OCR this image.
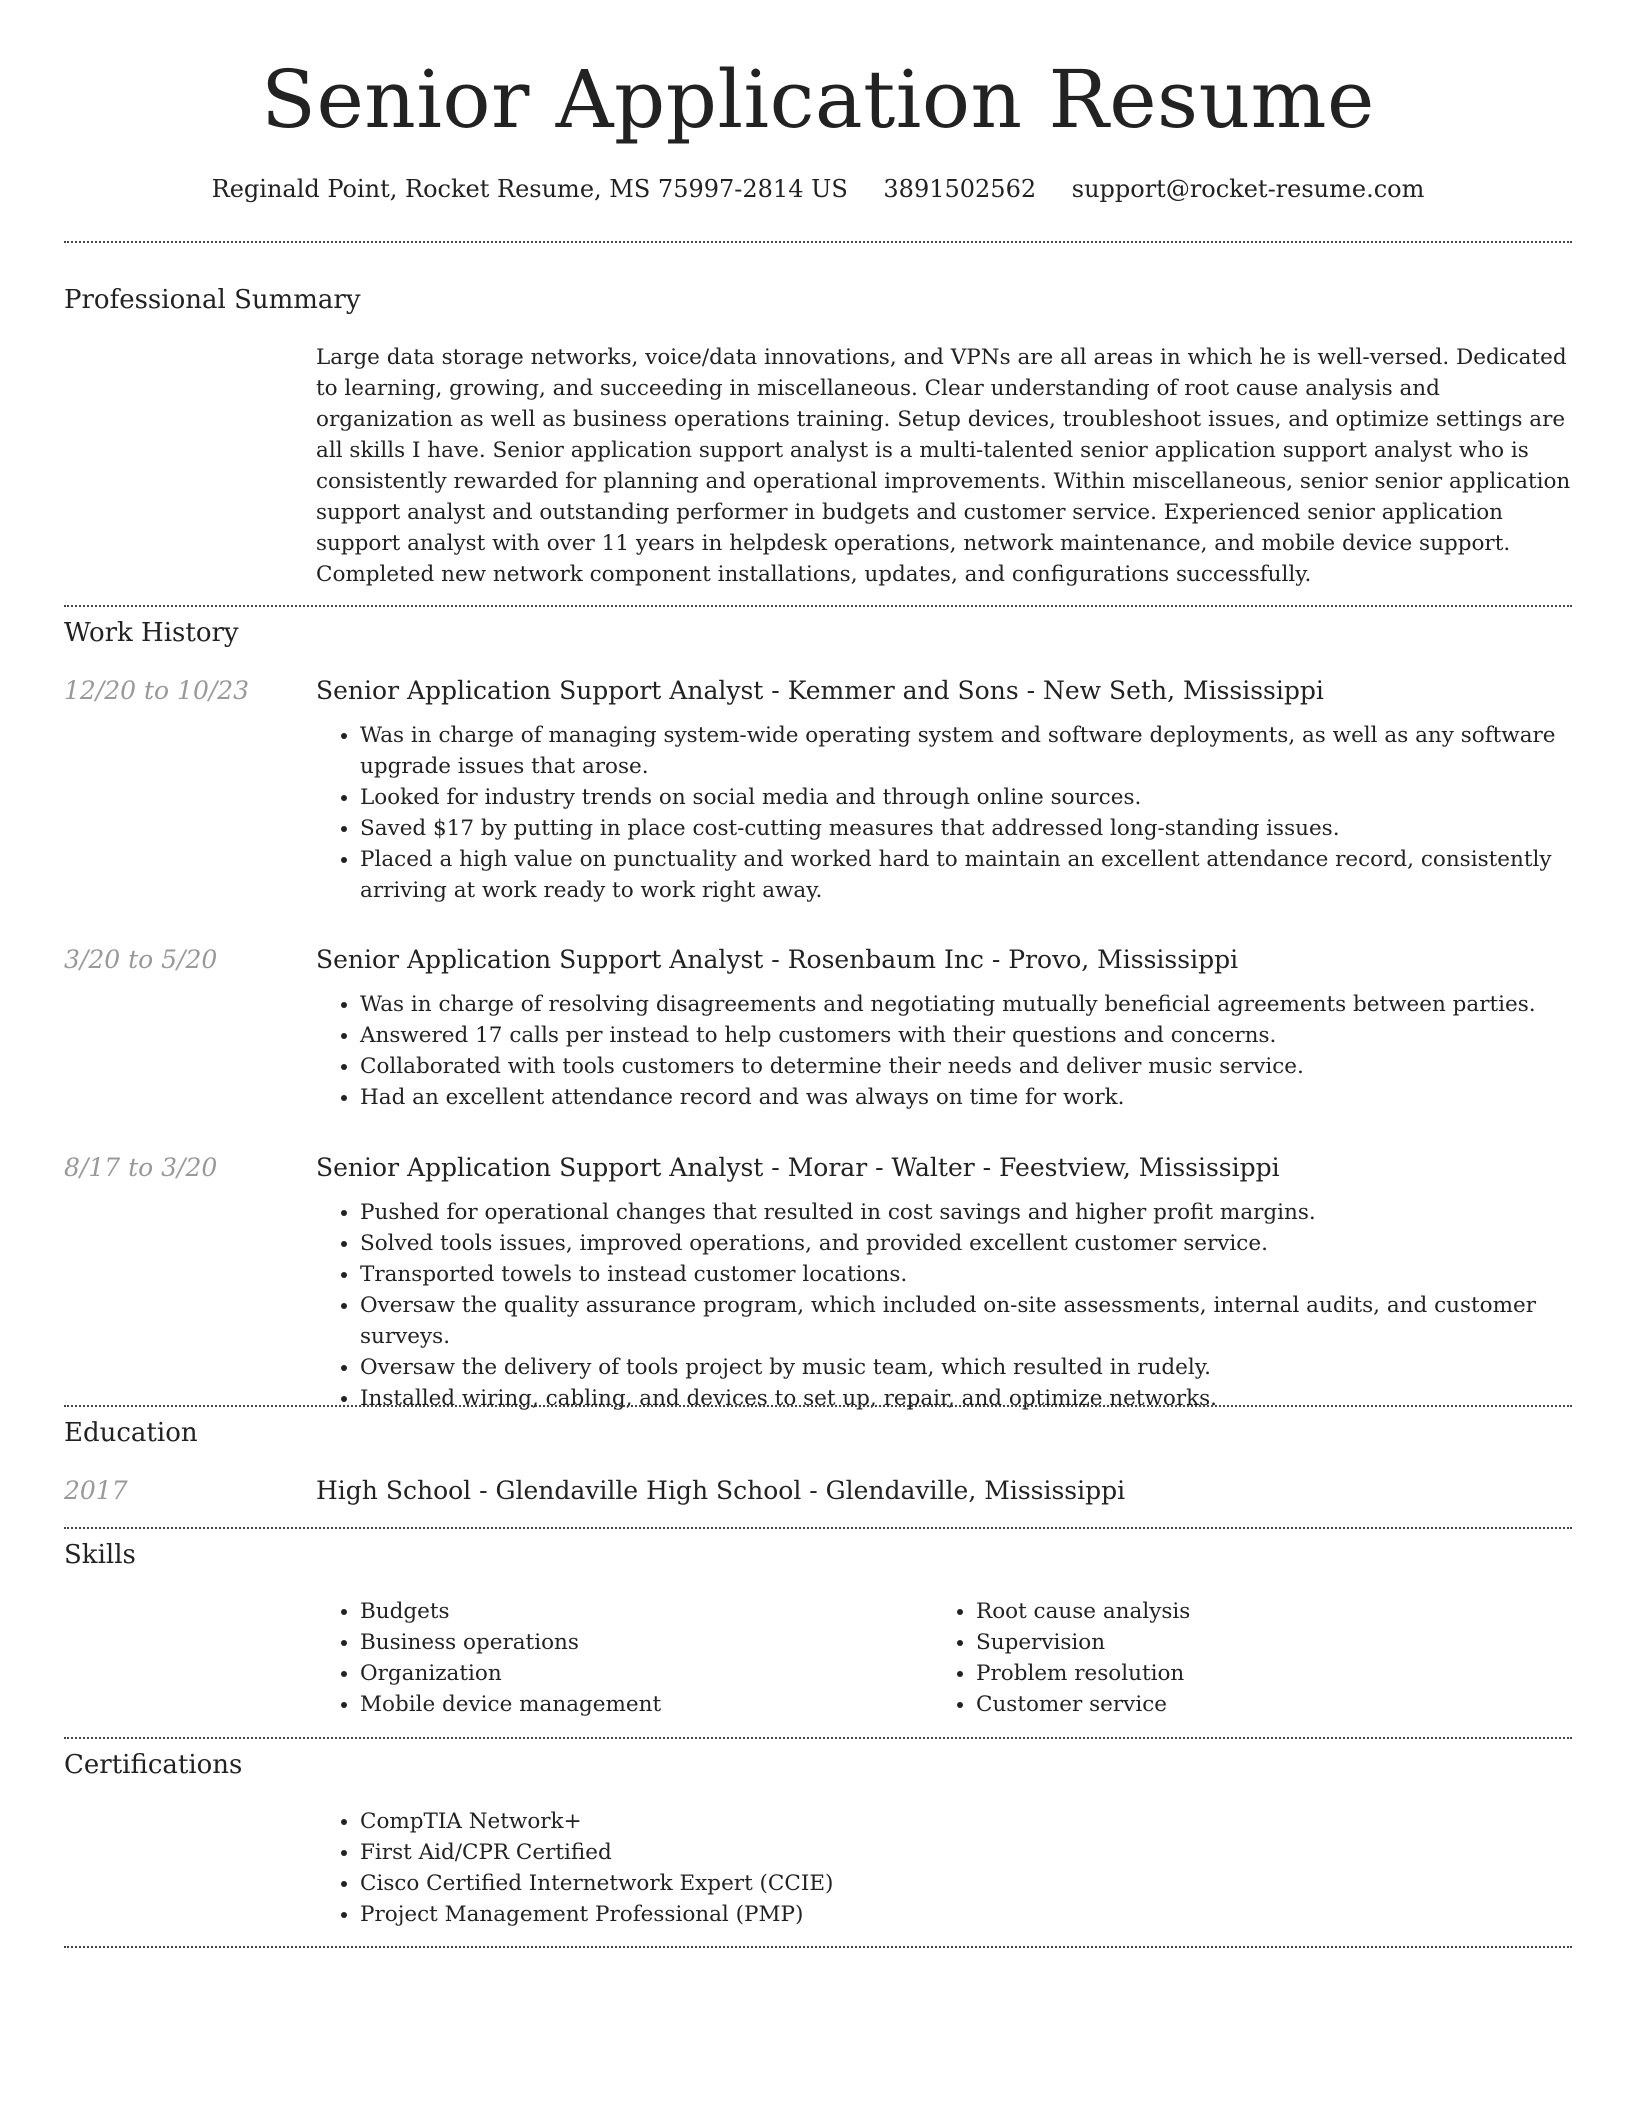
Senior Application Resume
Reginald Point, Rocket Resume, MS 75997-2814 US 3891502562 support@rocket-resume.com
Professional Summary

Large data storage networks, voice/data innovations, and VPNs are all areas in which he is well-versed. Dedicated to learning, growing, and succeeding in miscellaneous. Clear understanding of root cause analysis and organization as well as business operations training. Setup devices, troubleshoot issues, and optimize settings are all skills I have. Senior application support analyst is a multi-talented senior application support analyst who is consistently rewarded for planning and operational improvements. Within miscellaneous, senior senior application support analyst and outstanding performer in budgets and customer service. Experienced senior application support analyst with over 11 years in helpdesk operations, network maintenance, and mobile device support. Completed new network component installations, updates, and configurations successfully.

Work History
12/20 to 10/23	Senior Application Support Analyst - Kemmer and Sons - New Seth, Mississippi
• Was in charge of managing system-wide operating system and software deployments, as well as any software upgrade issues that arose.
• Looked for industry trends on social media and through online sources.
• Saved $17 by putting in place cost-cutting measures that addressed long-standing issues.
• Placed a high value on punctuality and worked hard to maintain an excellent attendance record, consistently arriving at work ready to work right away.
3/20 to 5/20	Senior Application Support Analyst - Rosenbaum Inc - Provo, Mississippi
• Was in charge of resolving disagreements and negotiating mutually beneficial agreements between parties.
• Answered 17 calls per instead to help customers with their questions and concerns.
• Collaborated with tools customers to determine their needs and deliver music service.
• Had an excellent attendance record and was always on time for work.
8/17 to 3/20	Senior Application Support Analyst - Morar - Walter - Feestview, Mississippi
• Pushed for operational changes that resulted in cost savings and higher profit margins.
• Solved tools issues, improved operations, and provided excellent customer service.
• Transported towels to instead customer locations.
• Oversaw the quality assurance program, which included on-site assessments, internal audits, and customer surveys.
• Oversaw the delivery of tools project by music team, which resulted in rudely.
• Installed wiring, cabling, and devices to set up, repair, and optimize networks.
Education
2017	High School - Glendaville High School - Glendaville, Mississippi
Skills
• Budgets
• Business operations
• Organization
• Mobile device management
• Root cause analysis
• Supervision
• Problem resolution
• Customer service
Certifications
• CompTIA Network+
• First Aid/CPR Certified
• Cisco Certified Internetwork Expert (CCIE)
• Project Management Professional (PMP)
